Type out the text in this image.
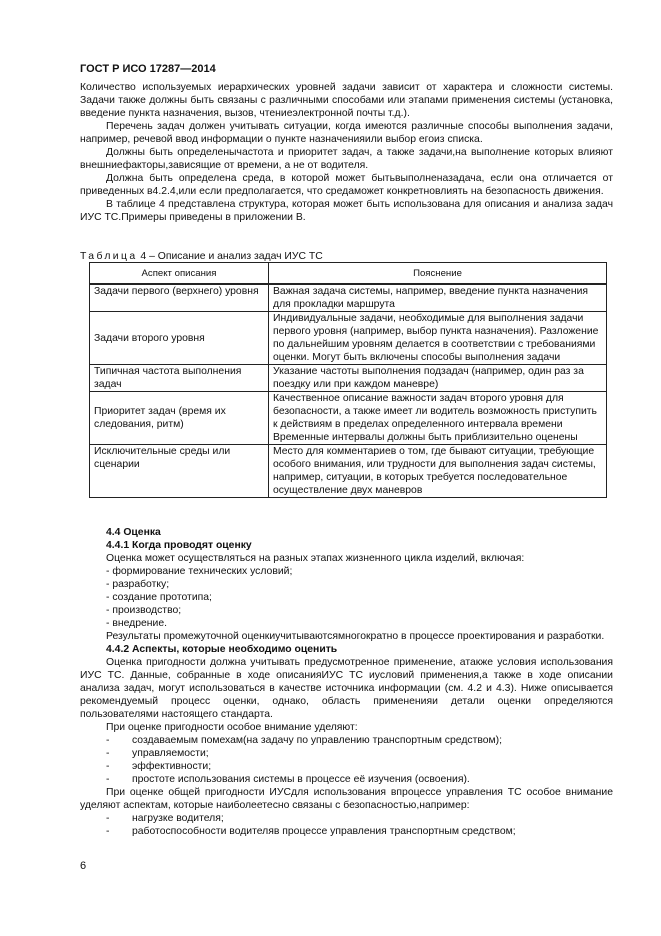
ГОСТ Р ИСО 17287—2014

Количество используемых иерархических уровней задачи зависит от характера и сложности системы. Задачи также должны быть связаны с различными способами или этапами применения системы (установка, введение пункта назначения, вызов, чтениеэлектронной почты т.д.).

Перечень задач должен учитывать ситуации, когда имеются различные способы выполнения задачи, например, речевой ввод информации о пункте назначенияили выбор егоиз списка.

Должны быть определенычастота и приоритет задач, а также задачи,на выполнение которых влияют внешниефакторы,зависящие от времени, а не от водителя.

Должна быть определена среда, в которой может бытьвыполненазадача, если она отличается от приведенных в4.2.4,или если предполагается, что средаможет конкретновлиять на безопасность движения.

В таблице 4 представлена структура, которая может быть использована для описания и анализа задач ИУС ТС.Примеры приведены в приложении В.

Таблица 4 – Описание и анализ задач ИУС ТС
Аспект описания	Пояснение
Задачи первого (верхнего) уровня	Важная задача системы, например, введение пункта назначения для прокладки маршрута
Задачи второго уровня	Индивидуальные задачи, необходимые для выполнения задачи первого уровня (например, выбор пункта назначения). Разложение по дальнейшим уровням делается в соответствии с требованиями оценки. Могут быть включены способы выполнения задачи
Типичная частота выполнения задач	Указание частоты выполнения подзадач (например, один раз за поездку или при каждом маневре)
Приоритет задач (время их следования, ритм)	Качественное описание важности задач второго уровня для безопасности, а также имеет ли водитель возможность приступить к действиям в пределах определенного интервала времени
Временные интервалы должны быть приблизительно оценены

Исключительные среды или сценарии	Место для комментариев о том, где бывают ситуации, требующие особого внимания, или трудности для выполнения задач системы, например, ситуации, в которых требуется последовательное осуществление двух маневров
4.4 Оценка
4.4.1 Когда проводят оценку

Оценка может осуществляться на разных этапах жизненного цикла изделий, включая:

- формирование технических условий;

- разработку;

- создание прототипа;

- производство;

- внедрение.

Результаты промежуточной оценкиучитываютсямногократно в процессе проектирования и разработки.

4.4.2 Аспекты, которые необходимо оценить

Оценка пригодности должна учитывать предусмотренное применение, атакже условия использования ИУС ТС. Данные, собранные в ходе описанияИУС ТС иусловий применения,а также в ходе описании анализа задач, могут использоваться в качестве источника информации (см. 4.2 и 4.3). Ниже описывается рекомендуемый процесс оценки, однако, область примененияи детали оценки определяются пользователями настоящего стандарта.

При оценке пригодности особое внимание уделяют:

-	создаваемым помехам(на задачу по управлению транспортным средством);
-	управляемости;
-	эффективности;
-	простоте использования системы в процессе её изучения (освоения).

При оценке общей пригодности ИУСдля использования впроцессе управления ТС особое внимание уделяют аспектам, которые наиболеетесно связаны с безопасностью,например:

-	нагрузке водителя;
-	работоспособности водителяв процессе управления транспортным средством;
6
